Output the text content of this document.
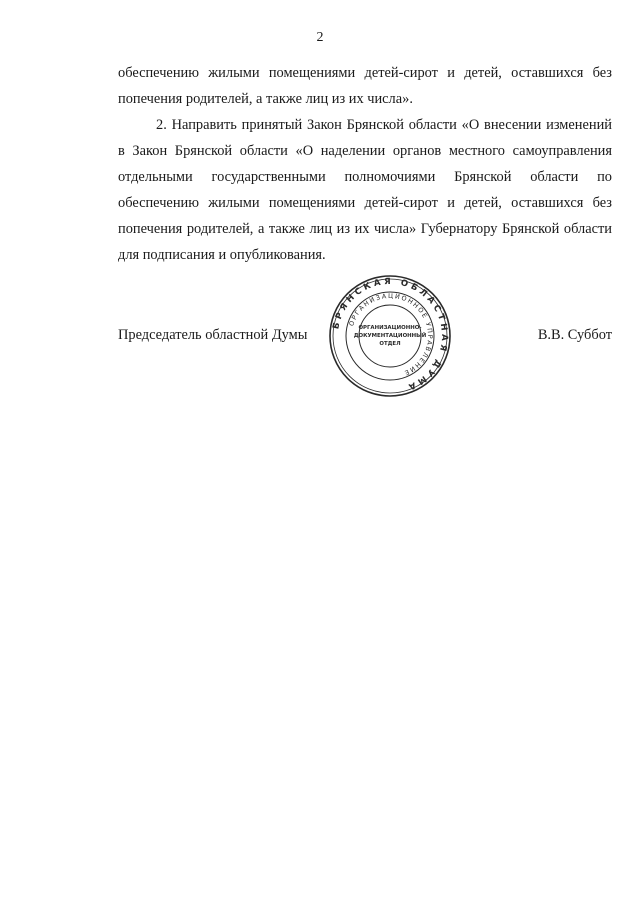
2

обеспечению жилыми помещениями детей-сирот и детей, оставшихся без попечения родителей, а также лиц из их числа».

2. Направить принятый Закон Брянской области «О внесении изменений в Закон Брянской области «О наделении органов местного самоуправления отдельными государственными полномочиями Брянской области по обеспечению жилыми помещениями детей-сирот и детей, оставшихся без попечения родителей, а также лиц из их числа» Губернатору Брянской области для подписания и опубликования.

Председатель областной Думы	В.В. Суббот
БРЯНСКАЯ ОБЛАСТНАЯ ДУМА
ОРГАНИЗАЦИОННОЕ УПРАВЛЕНИЕ
ОРГАНИЗАЦИОННО-
ДОКУМЕНТАЦИОННЫЙ
ОТДЕЛ
